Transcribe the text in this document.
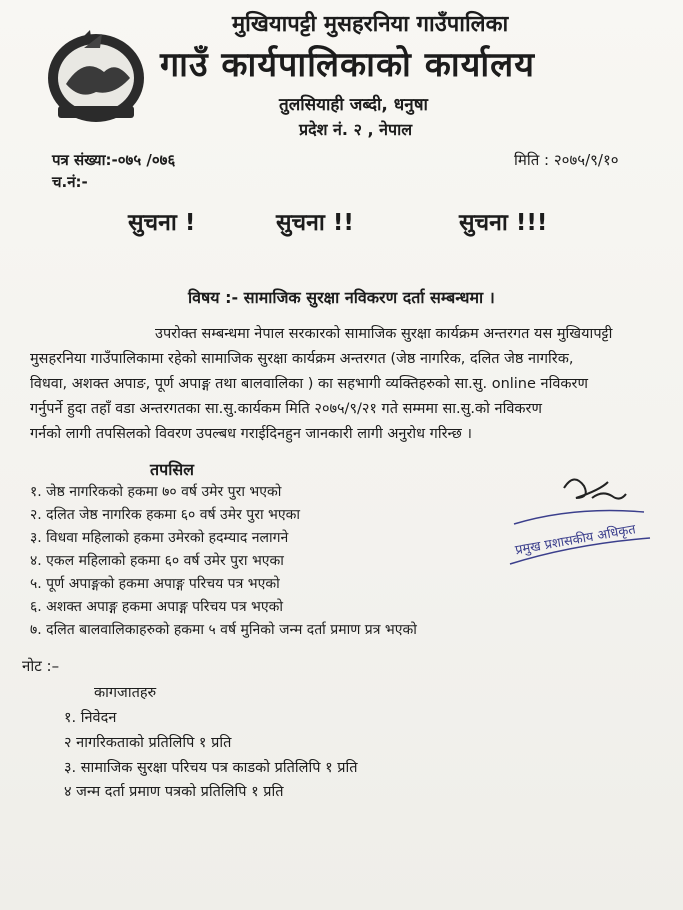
मुखियापट्टी मुसहरनिया गाउँपालिका
गाउँ कार्यपालिकाको कार्यालय
तुलसियाही जब्दी, धनुषा
प्रदेश नं. २ , नेपाल
पत्र संख्या:-०७५ /०७६
च.नं:-
मिति : २०७५/९/१०
सुचना !	सुचना !!	सुचना !!!
विषय :- सामाजिक सुरक्षा नविकरण दर्ता सम्बन्धमा ।
उपरोक्त सम्बन्धमा नेपाल सरकारको सामाजिक सुरक्षा कार्यक्रम अन्तरगत यस मुखियापट्टी
मुसहरनिया गाउँपालिकामा रहेको सामाजिक सुरक्षा कार्यक्रम अन्तरगत (जेष्ठ नागरिक, दलित जेष्ठ नागरिक,
विधवा, अशक्त अपाङ, पूर्ण अपाङ्ग तथा बालवालिका ) का सहभागी व्यक्तिहरुको सा.सु. online नविकरण
गर्नुपर्ने हुदा तहाँ वडा अन्तरगतका सा.सु.कार्यकम मिति २०७५/९/२१ गते सम्ममा सा.सु.को नविकरण
गर्नको लागी तपसिलको विवरण उपल्बध गराईदिनहुन जानकारी लागी अनुरोध गरिन्छ ।
तपसिल
१. जेष्ठ नागरिकको हकमा ७० वर्ष उमेर पुरा भएको
२. दलित जेष्ठ नागरिक हकमा ६० वर्ष उमेर पुरा भएका
३. विधवा महिलाको हकमा उमेरको हदम्याद नलागने
४. एकल महिलाको हकमा ६० वर्ष उमेर पुरा भएका
५. पूर्ण अपाङ्गको हकमा अपाङ्ग परिचय पत्र भएको
६. अशक्त अपाङ्ग हकमा अपाङ्ग परिचय पत्र भएको
७. दलित बालवालिकाहरुको हकमा ५ वर्ष मुनिको जन्म दर्ता प्रमाण प्रत्र भएको
प्रमुख प्रशासकीय अधिकृत
नोट :–
कागजातहरु
१. निवेदन
२ नागरिकताको प्रतिलिपि १ प्रति
३. सामाजिक सुरक्षा परिचय पत्र काडको प्रतिलिपि १ प्रति
४ जन्म दर्ता प्रमाण पत्रको प्रतिलिपि १ प्रति
